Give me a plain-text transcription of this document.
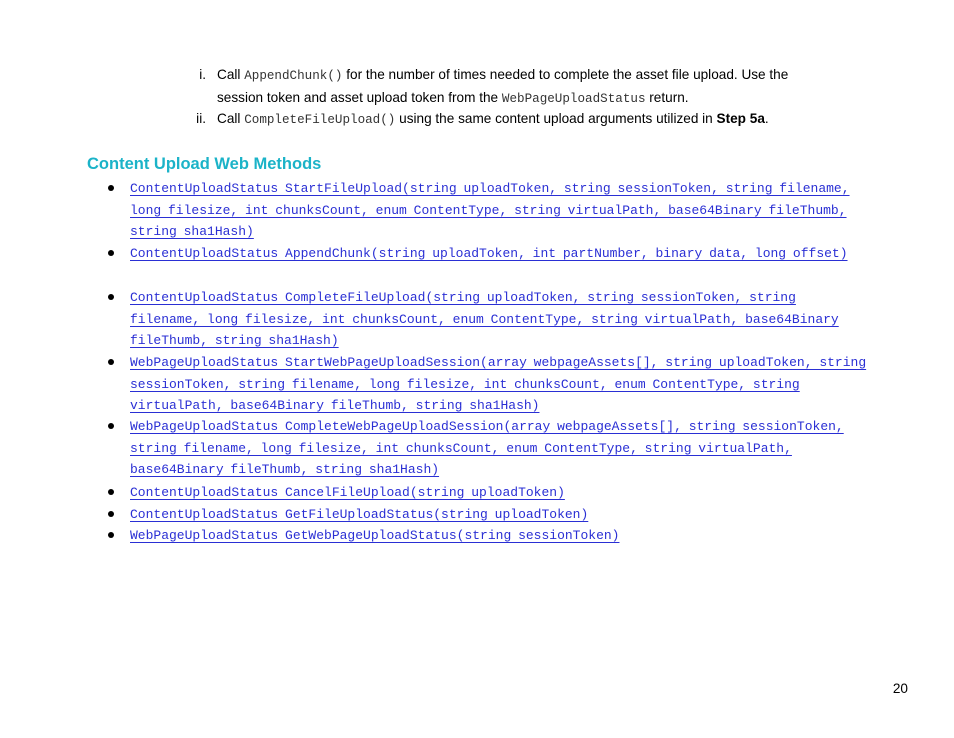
i. Call AppendChunk() for the number of times needed to complete the asset file upload. Use the session token and asset upload token from the WebPageUploadStatus return.
ii. Call CompleteFileUpload() using the same content upload arguments utilized in Step 5a.
Content Upload Web Methods
ContentUploadStatus StartFileUpload(string uploadToken, string sessionToken, string filename, long filesize, int chunksCount, enum ContentType, string virtualPath, base64Binary fileThumb, string sha1Hash)
ContentUploadStatus AppendChunk(string uploadToken, int partNumber, binary data, long offset)
ContentUploadStatus CompleteFileUpload(string uploadToken, string sessionToken, string filename, long filesize, int chunksCount, enum ContentType, string virtualPath, base64Binary fileThumb, string sha1Hash)
WebPageUploadStatus StartWebPageUploadSession(array webpageAssets[], string uploadToken, string sessionToken, string filename, long filesize, int chunksCount, enum ContentType, string virtualPath, base64Binary fileThumb, string sha1Hash)
WebPageUploadStatus CompleteWebPageUploadSession(array webpageAssets[], string sessionToken, string filename, long filesize, int chunksCount, enum ContentType, string virtualPath, base64Binary fileThumb, string sha1Hash)
ContentUploadStatus CancelFileUpload(string uploadToken)
ContentUploadStatus GetFileUploadStatus(string uploadToken)
WebPageUploadStatus GetWebPageUploadStatus(string sessionToken)
20
